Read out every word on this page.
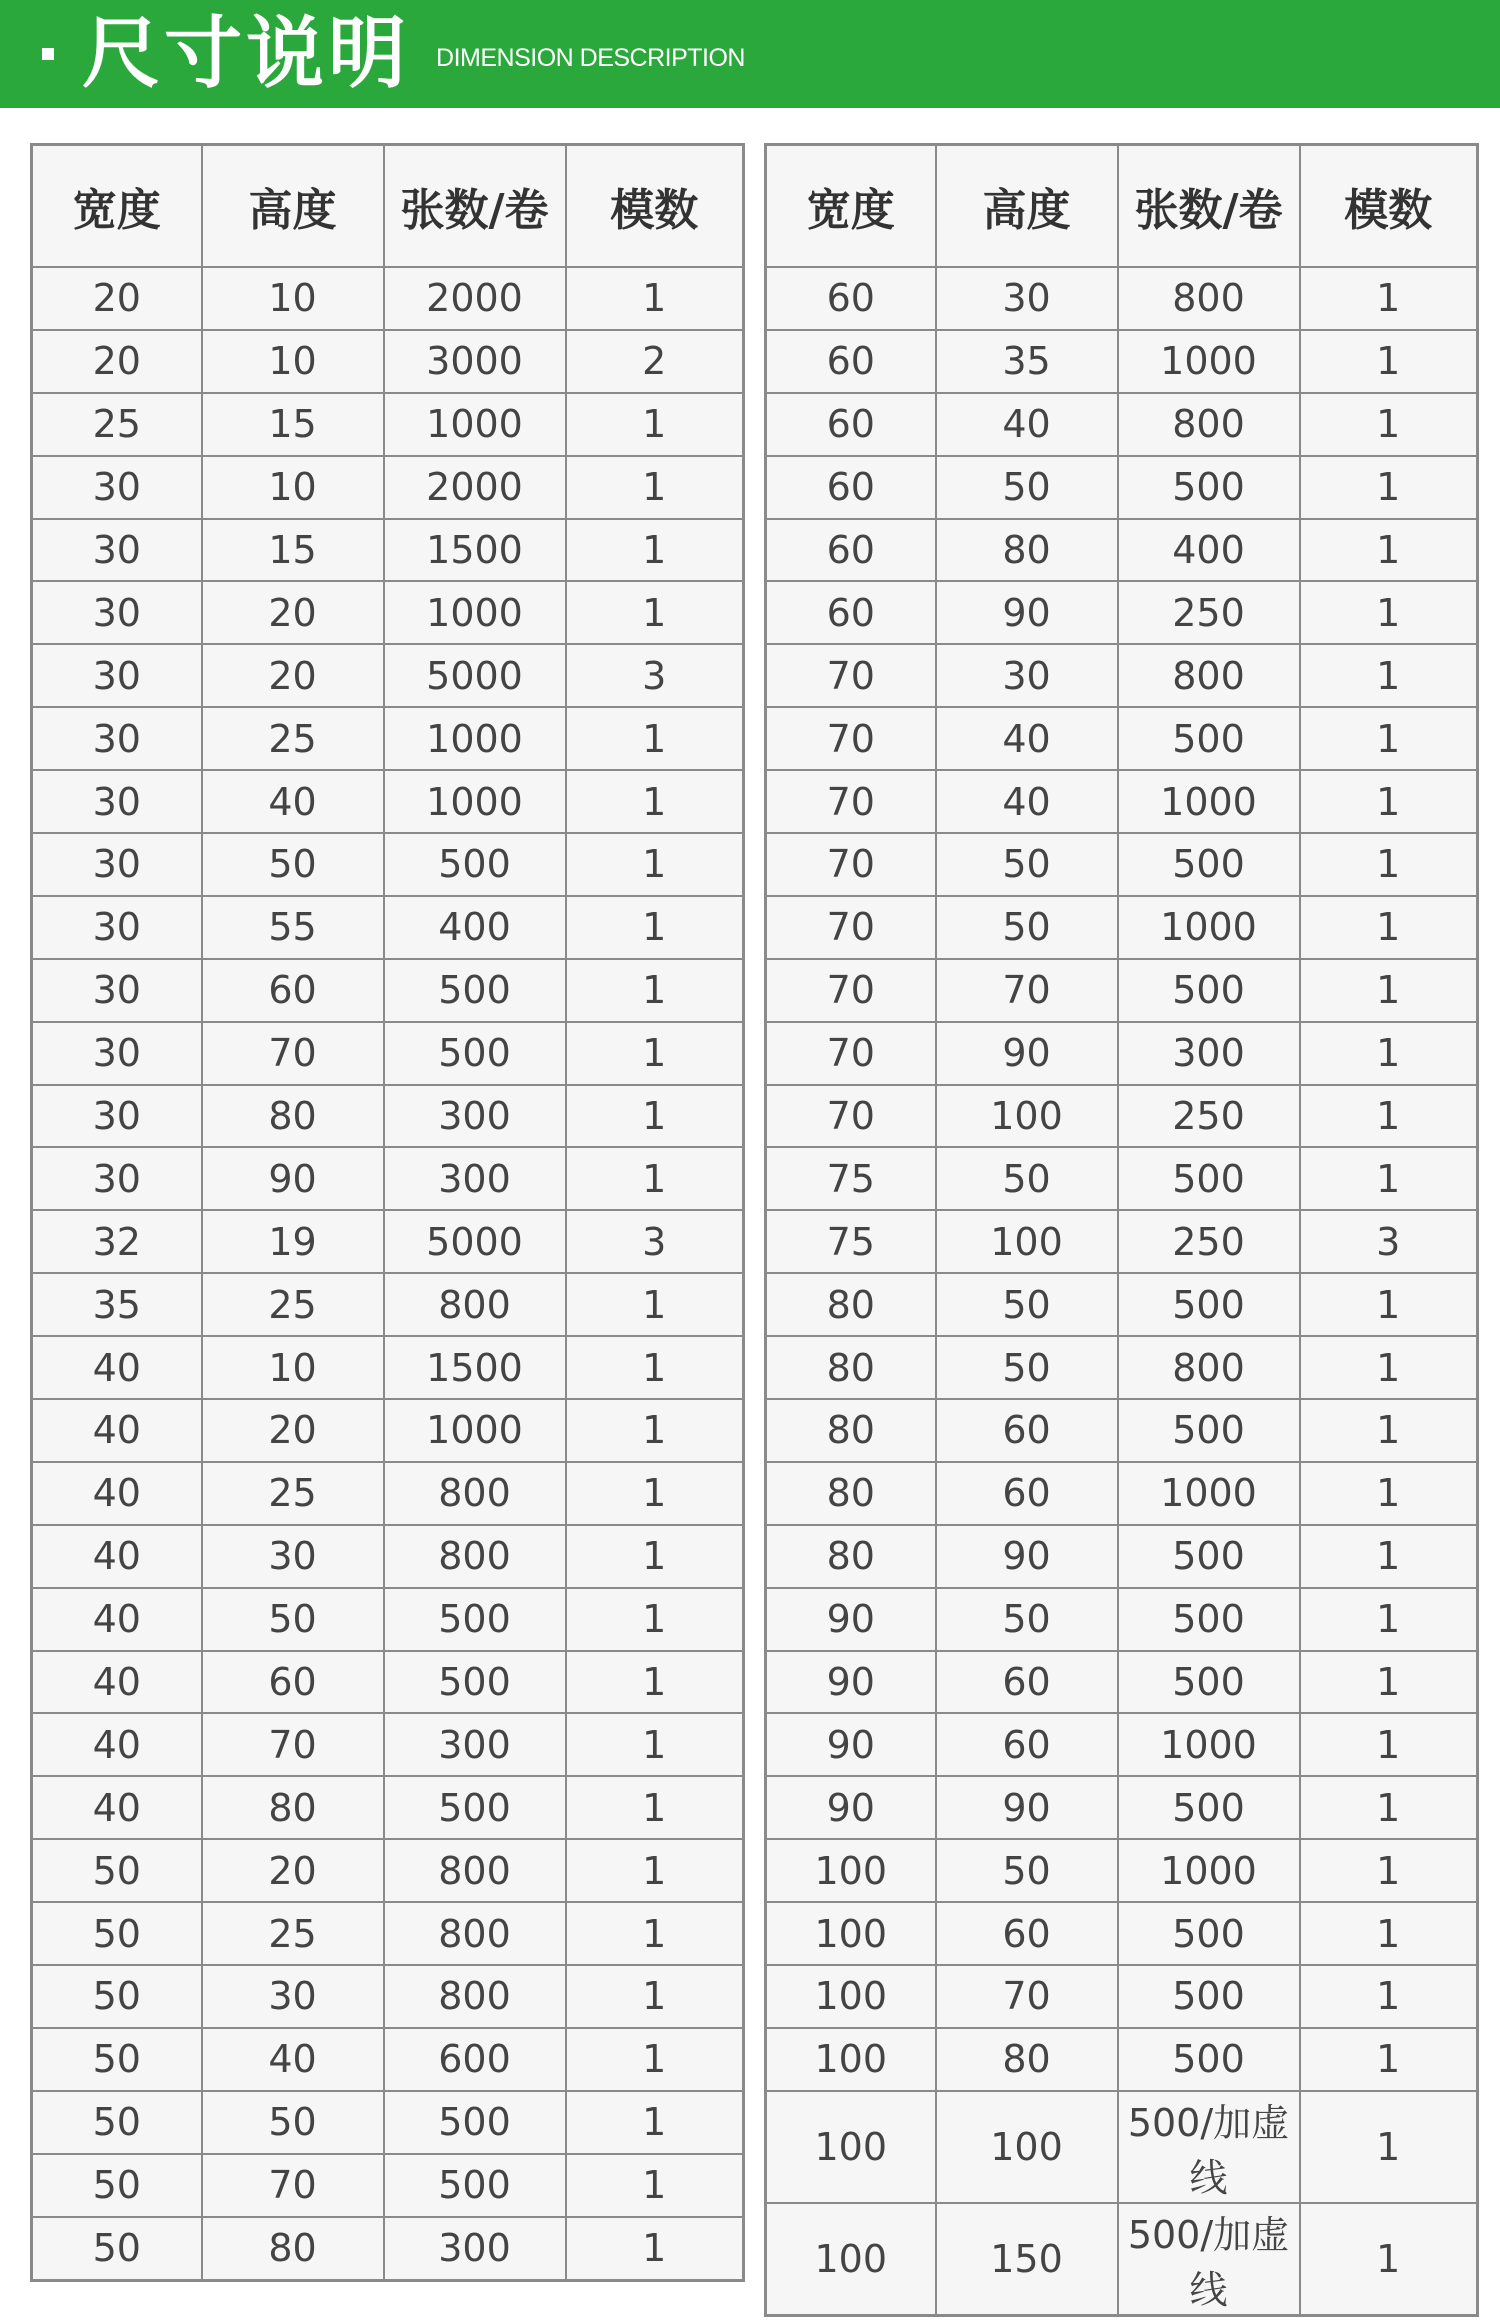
尺寸说明 DIMENSION DESCRIPTION
宽度	高度	张数/卷	模数
20	10	2000	1
20	10	3000	2
25	15	1000	1
30	10	2000	1
30	15	1500	1
30	20	1000	1
30	20	5000	3
30	25	1000	1
30	40	1000	1
30	50	500	1
30	55	400	1
30	60	500	1
30	70	500	1
30	80	300	1
30	90	300	1
32	19	5000	3
35	25	800	1
40	10	1500	1
40	20	1000	1
40	25	800	1
40	30	800	1
40	50	500	1
40	60	500	1
40	70	300	1
40	80	500	1
50	20	800	1
50	25	800	1
50	30	800	1
50	40	600	1
50	50	500	1
50	70	500	1
50	80	300	1
宽度	高度	张数/卷	模数
60	30	800	1
60	35	1000	1
60	40	800	1
60	50	500	1
60	80	400	1
60	90	250	1
70	30	800	1
70	40	500	1
70	40	1000	1
70	50	500	1
70	50	1000	1
70	70	500	1
70	90	300	1
70	100	250	1
75	50	500	1
75	100	250	3
80	50	500	1
80	50	800	1
80	60	500	1
80	60	1000	1
80	90	500	1
90	50	500	1
90	60	500	1
90	60	1000	1
90	90	500	1
100	50	1000	1
100	60	500	1
100	70	500	1
100	80	500	1
100	100	500/加虚线	1
100	150	500/加虚线	1
